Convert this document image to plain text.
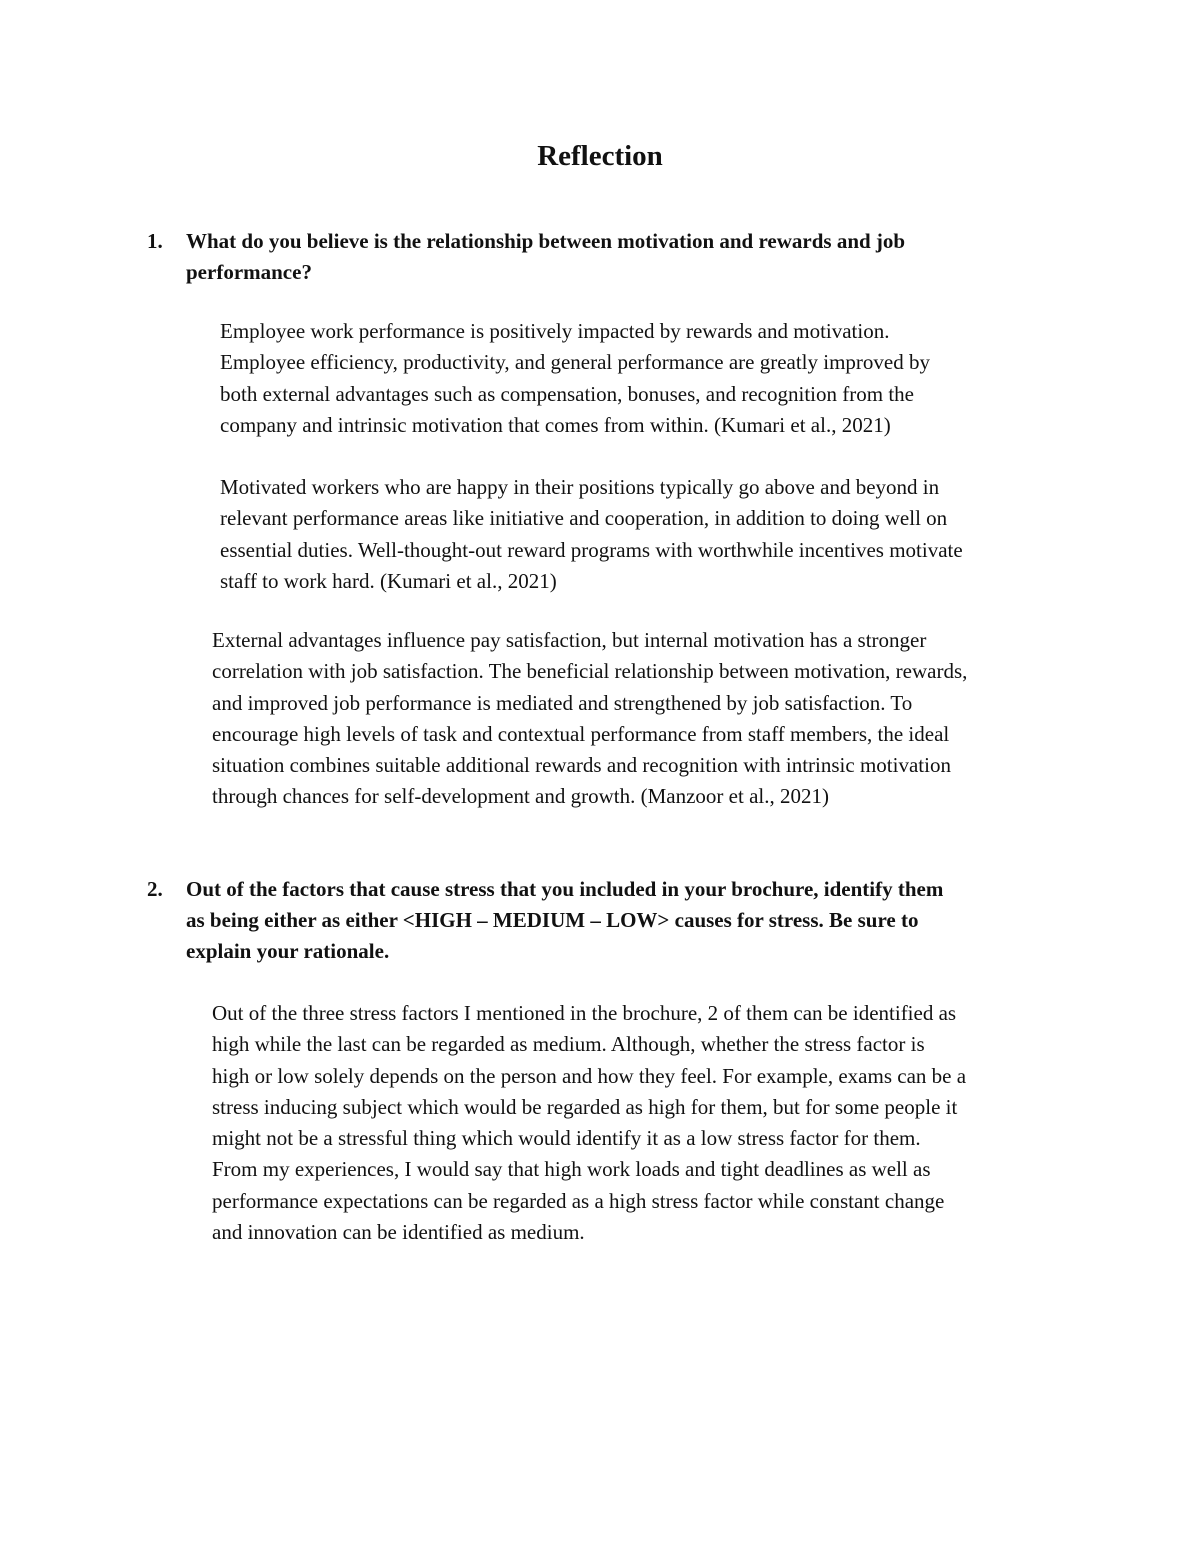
Reflection
1.	What do you believe is the relationship between motivation and rewards and job
performance?
Employee work performance is positively impacted by rewards and motivation.
Employee efficiency, productivity, and general performance are greatly improved by
both external advantages such as compensation, bonuses, and recognition from the
company and intrinsic motivation that comes from within. (Kumari et al., 2021)
Motivated workers who are happy in their positions typically go above and beyond in
relevant performance areas like initiative and cooperation, in addition to doing well on
essential duties. Well-thought-out reward programs with worthwhile incentives motivate
staff to work hard. (Kumari et al., 2021)
External advantages influence pay satisfaction, but internal motivation has a stronger
correlation with job satisfaction. The beneficial relationship between motivation, rewards,
and improved job performance is mediated and strengthened by job satisfaction. To
encourage high levels of task and contextual performance from staff members, the ideal
situation combines suitable additional rewards and recognition with intrinsic motivation
through chances for self-development and growth. (Manzoor et al., 2021)
2.	Out of the factors that cause stress that you included in your brochure, identify them
as being either as either <HIGH – MEDIUM – LOW> causes for stress. Be sure to
explain your rationale.
Out of the three stress factors I mentioned in the brochure, 2 of them can be identified as
high while the last can be regarded as medium. Although, whether the stress factor is
high or low solely depends on the person and how they feel. For example, exams can be a
stress inducing subject which would be regarded as high for them, but for some people it
might not be a stressful thing which would identify it as a low stress factor for them.
From my experiences, I would say that high work loads and tight deadlines as well as
performance expectations can be regarded as a high stress factor while constant change
and innovation can be identified as medium.
